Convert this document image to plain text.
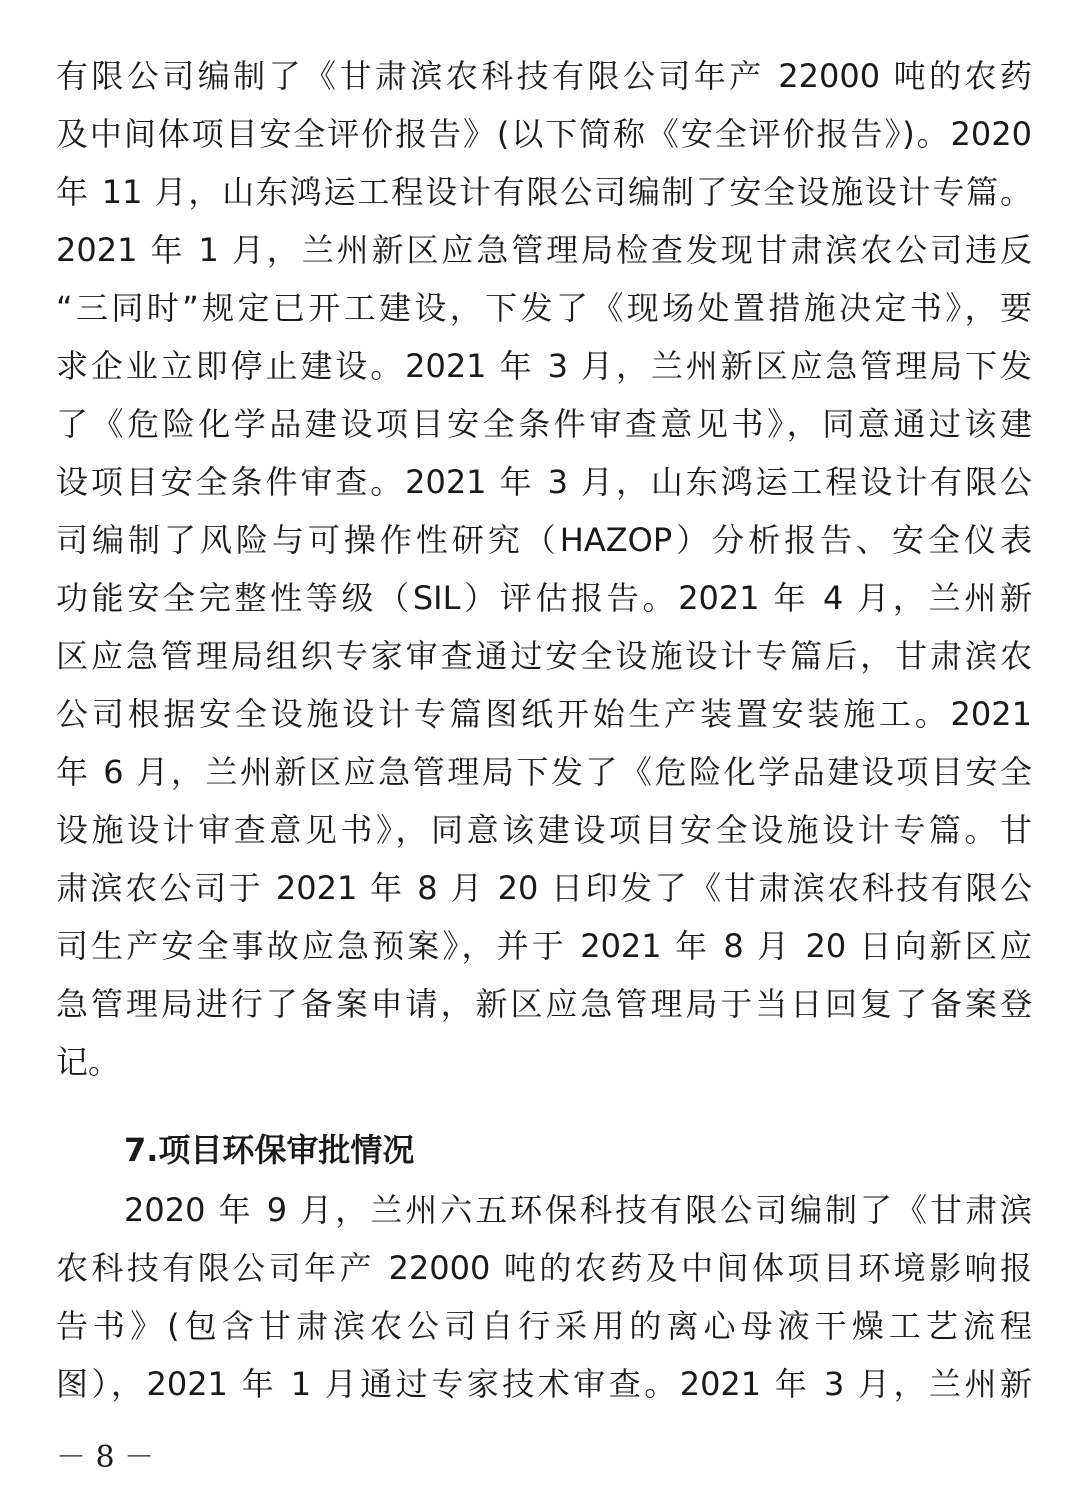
有限公司编制了《甘肃滨农科技有限公司年产 22000 吨的农药
及中间体项目安全评价报告》(以下简称《安全评价报告》)。2020
年 11 月，山东鸿运工程设计有限公司编制了安全设施设计专篇。
2021 年 1 月，兰州新区应急管理局检查发现甘肃滨农公司违反
“三同时”规定已开工建设，下发了《现场处置措施决定书》，要
求企业立即停止建设。2021 年 3 月，兰州新区应急管理局下发
了《危险化学品建设项目安全条件审查意见书》，同意通过该建
设项目安全条件审查。2021 年 3 月，山东鸿运工程设计有限公
司编制了风险与可操作性研究（HAZOP）分析报告、安全仪表
功能安全完整性等级（SIL）评估报告。2021 年 4 月，兰州新
区应急管理局组织专家审查通过安全设施设计专篇后，甘肃滨农
公司根据安全设施设计专篇图纸开始生产装置安装施工。2021
年 6 月，兰州新区应急管理局下发了《危险化学品建设项目安全
设施设计审查意见书》，同意该建设项目安全设施设计专篇。甘
肃滨农公司于 2021 年 8 月 20 日印发了《甘肃滨农科技有限公
司生产安全事故应急预案》，并于 2021 年 8 月 20 日向新区应
急管理局进行了备案申请，新区应急管理局于当日回复了备案登
记。
7.项目环保审批情况
2020 年 9 月，兰州六五环保科技有限公司编制了《甘肃滨
农科技有限公司年产 22000 吨的农药及中间体项目环境影响报
告书》(包含甘肃滨农公司自行采用的离心母液干燥工艺流程
图），2021 年 1 月通过专家技术审查。2021 年 3 月，兰州新
－ 8 －
